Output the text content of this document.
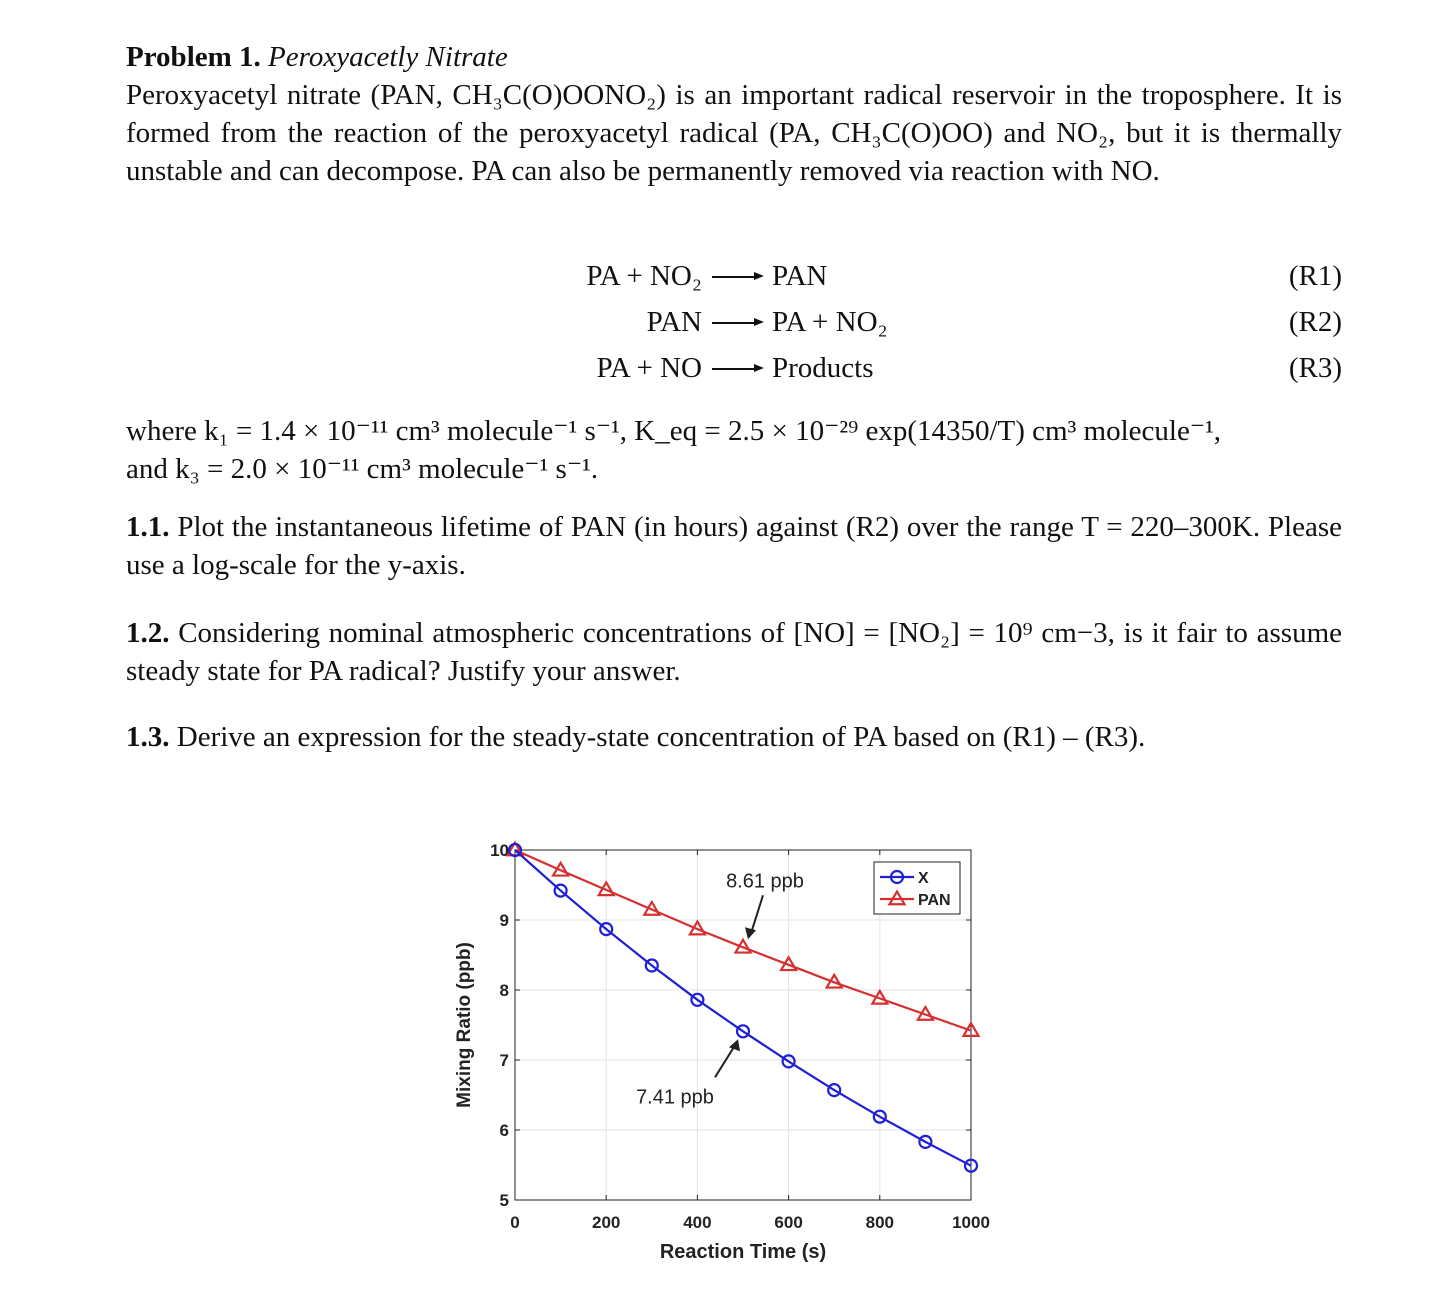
Problem 1. Peroxyacetly Nitrate
Peroxyacetyl nitrate (PAN, CH₃C(O)OONO₂) is an important radical reservoir in the troposphere. It is formed from the reaction of the peroxyacetyl radical (PA, CH₃C(O)OO) and NO₂, but it is thermally unstable and can decompose. PA can also be permanently removed via reaction with NO.
PA + NO₂ PAN	(R1)
PAN PA + NO₂	(R2)
PA + NO Products	(R3)
where k₁ = 1.4 × 10⁻¹¹ cm³ molecule⁻¹ s⁻¹, K_eq = 2.5 × 10⁻²⁹ exp(14350/T) cm³ molecule⁻¹,
and k₃ = 2.0 × 10⁻¹¹ cm³ molecule⁻¹ s⁻¹.
1.1. Plot the instantaneous lifetime of PAN (in hours) against (R2) over the range T = 220–300K. Please use a log-scale for the y-axis.
1.2. Considering nominal atmospheric concentrations of [NO] = [NO₂] = 10⁹ cm−3, is it fair to assume steady state for PA radical? Justify your answer.
1.3. Derive an expression for the steady-state concentration of PA based on (R1) – (R3).
0	200	400	600	800	1000
5
6
7
8
9
10
8.61 ppb
7.41 ppb
Reaction Time (s)
Mixing Ratio (ppb)
X
PAN
